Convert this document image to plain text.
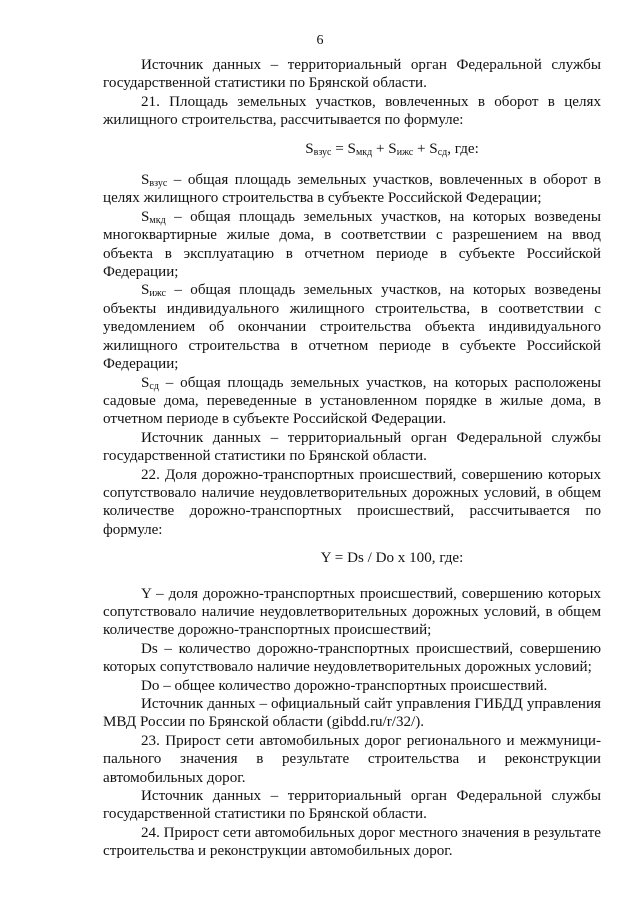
6

Источник данных – территориальный орган Федеральной службы государственной статистики по Брянской области.

21. Площадь земельных участков, вовлеченных в оборот в целях жилищного строительства, рассчитывается по формуле:

$S_{взус} = S_{мкд} + S_{ижс} + S_{сд}$, где:

$S_{взус}$ – общая площадь земельных участков, вовлеченных в оборот в целях жилищного строительства в субъекте Российской Федерации;

$S_{мкд}$ – общая площадь земельных участков, на которых возведены многоквартирные жилые дома, в соответствии с разрешением на ввод объекта в эксплуатацию в отчетном периоде в субъекте Российской Федерации;

$S_{ижс}$ – общая площадь земельных участков, на которых возведены объекты индивидуального жилищного строительства, в соответствии с уведомлением об окончании строительства объекта индивидуального жилищного строительства в отчетном периоде в субъекте Российской Федерации;

$S_{сд}$ – общая площадь земельных участков, на которых расположены садовые дома, переведенные в установленном порядке в жилые дома, в отчетном периоде в субъекте Российской Федерации.

Источник данных – территориальный орган Федеральной службы государственной статистики по Брянской области.

22. Доля дорожно-транспортных происшествий, совершению которых сопутствовало наличие неудовлетворительных дорожных условий, в общем количестве дорожно-транспортных происшествий, рассчитывается по формуле:

Y = Ds / Do x 100, где:

Y – доля дорожно-транспортных происшествий, совершению которых сопутствовало наличие неудовлетворительных дорожных условий, в общем количестве дорожно-транспортных происшествий;

Ds – количество дорожно-транспортных происшествий, совершению которых сопутствовало наличие неудовлетворительных дорожных условий;

Do – общее количество дорожно-транспортных происшествий.

Источник данных – официальный сайт управления ГИБДД управления МВД России по Брянской области (gibdd.ru/r/32/).

23. Прирост сети автомобильных дорог регионального и межмуници-пального значения в результате строительства и реконструкции автомобильных дорог.

Источник данных – территориальный орган Федеральной службы государственной статистики по Брянской области.

24. Прирост сети автомобильных дорог местного значения в результате строительства и реконструкции автомобильных дорог.
